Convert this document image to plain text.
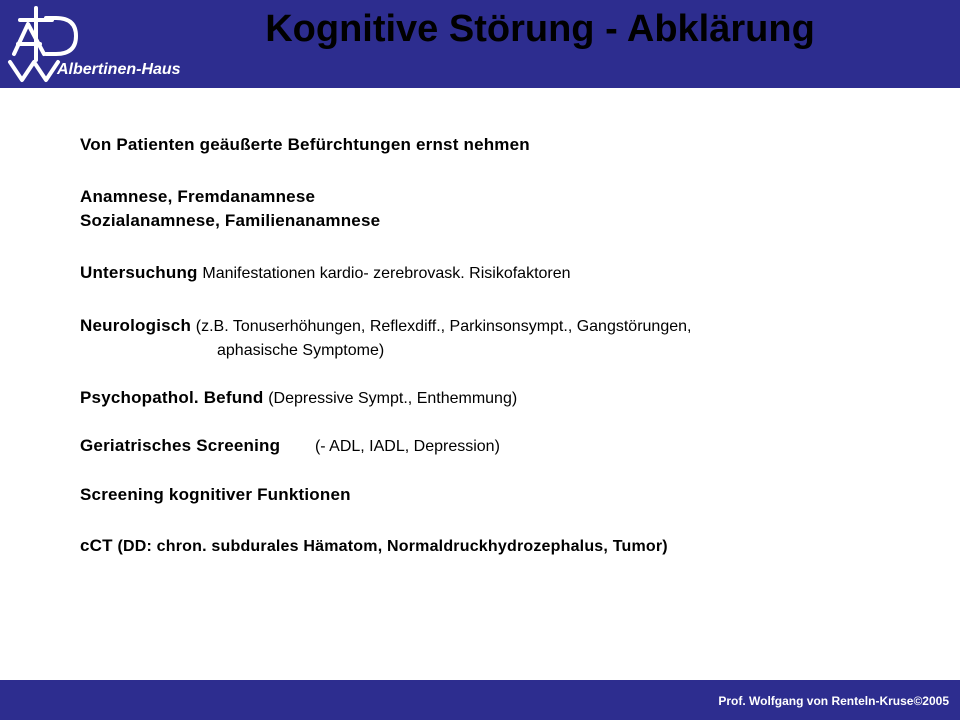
Albertinen-Haus
Kognitive Störung - Abklärung
Von Patienten geäußerte Befürchtungen ernst nehmen
Anamnese, Fremdanamnese
Sozialanamnese, Familienanamnese
Untersuchung Manifestationen kardio- zerebrovask. Risikofaktoren
Neurologisch (z.B. Tonuserhöhungen, Reflexdiff., Parkinsonsympt., Gangstörungen,
aphasische Symptome)
Psychopathol. Befund (Depressive Sympt., Enthemmung)
Geriatrisches Screening (- ADL, IADL, Depression)
Screening kognitiver Funktionen
cCT (DD: chron. subdurales Hämatom, Normaldruckhydrozephalus, Tumor)
Prof. Wolfgang von Renteln-Kruse©2005
